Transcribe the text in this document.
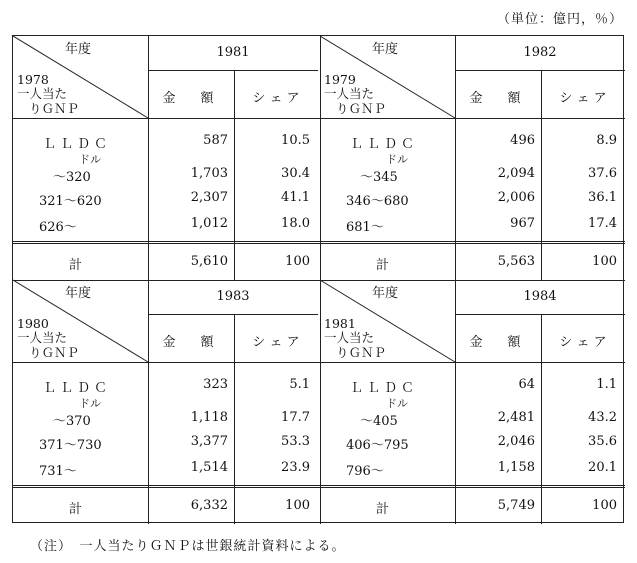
（単位：億円，％）
年度
1978
一人当た
りＧＮＰ
1981
金　額	シ ェ ア
ＬＬＤＣ	587	10.5
～320	1,703	30.4
321～620	2,307	41.1
626～	1,012	18.0
ドル
計	5,610	100
年度
1979
一人当た
りＧＮＰ
1982
金　額	シ ェ ア
ＬＬＤＣ	496	8.9
～345	2,094	37.6
346～680	2,006	36.1
681～	967	17.4
ドル
計	5,563	100
年度
1980
一人当た
りＧＮＰ
1983
金　額	シ ェ ア
ＬＬＤＣ	323	5.1
～370	1,118	17.7
371～730	3,377	53.3
731～	1,514	23.9
ドル
計	6,332	100
年度
1981
一人当た
りＧＮＰ
1984
金　額	シ ェ ア
ＬＬＤＣ	64	1.1
～405	2,481	43.2
406～795	2,046	35.6
796～	1,158	20.1
ドル
計	5,749	100
（注）　一人当たりＧＮＰは世銀統計資料による。
